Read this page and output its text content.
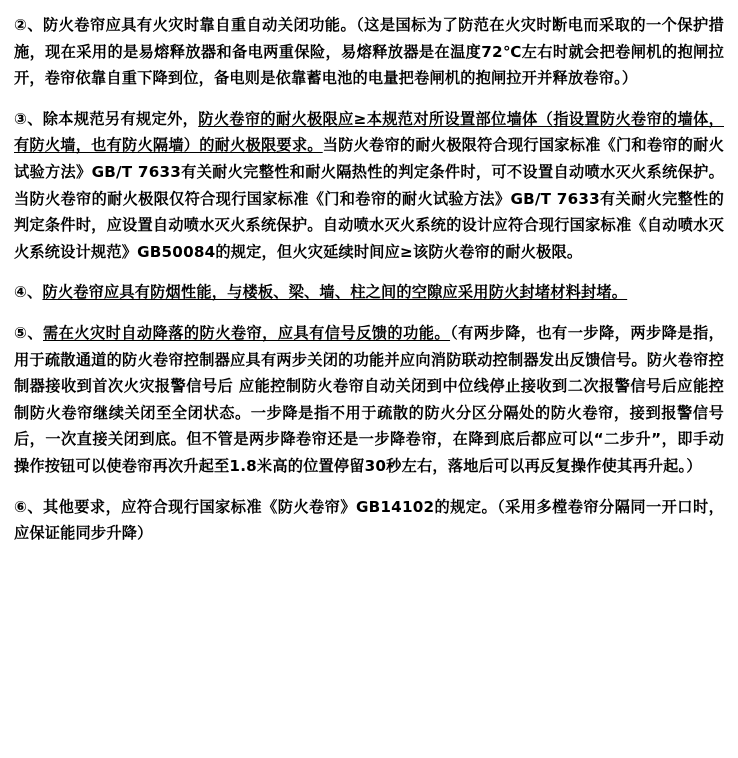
②、防火卷帘应具有火灾时靠自重自动关闭功能。（这是国标为了防范在火灾时断电而采取的一个保护措施，现在采用的是易熔释放器和备电两重保险，易熔释放器是在温度72℃左右时就会把卷闸机的抱闸拉开，卷帘依靠自重下降到位，备电则是依靠蓄电池的电量把卷闸机的抱闸拉开并释放卷帘。）
③、除本规范另有规定外，防火卷帘的耐火极限应≥本规范对所设置部位墙体（指设置防火卷帘的墙体，有防火墙，也有防火隔墙）的耐火极限要求。当防火卷帘的耐火极限符合现行国家标准《门和卷帘的耐火试验方法》GB/T 7633有关耐火完整性和耐火隔热性的判定条件时，可不设置自动喷水灭火系统保护。当防火卷帘的耐火极限仅符合现行国家标准《门和卷帘的耐火试验方法》GB/T 7633有关耐火完整性的判定条件时，应设置自动喷水灭火系统保护。自动喷水灭火系统的设计应符合现行国家标准《自动喷水灭火系统设计规范》GB50084的规定，但火灾延续时间应≥该防火卷帘的耐火极限。
④、防火卷帘应具有防烟性能，与楼板、梁、墙、柱之间的空隙应采用防火封堵材料封堵。
⑤、需在火灾时自动降落的防火卷帘，应具有信号反馈的功能。（有两步降，也有一步降，两步降是指，用于疏散通道的防火卷帘控制器应具有两步关闭的功能并应向消防联动控制器发出反馈信号。防火卷帘控制器接收到首次火灾报警信号后 应能控制防火卷帘自动关闭到中位线停止接收到二次报警信号后应能控制防火卷帘继续关闭至全闭状态。一步降是指不用于疏散的防火分区分隔处的防火卷帘，接到报警信号后，一次直接关闭到底。但不管是两步降卷帘还是一步降卷帘，在降到底后都应可以“二步升”，即手动操作按钮可以使卷帘再次升起至1.8米高的位置停留30秒左右，落地后可以再反复操作使其再升起。）
⑥、其他要求，应符合现行国家标准《防火卷帘》GB14102的规定。（采用多樘卷帘分隔同一开口时，应保证能同步升降）
